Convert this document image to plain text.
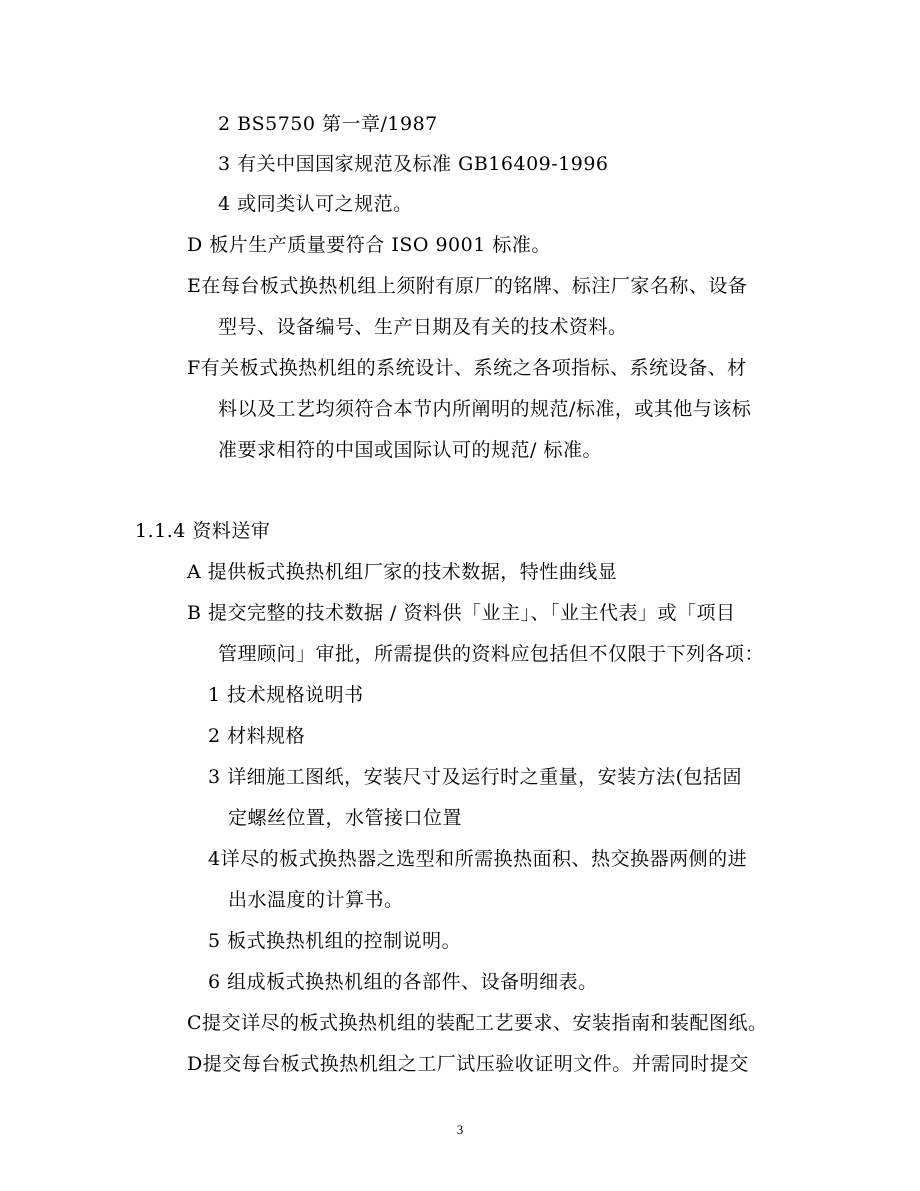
2 BS5750 第一章/1987
3 有关中国国家规范及标准 GB16409-1996
4 或同类认可之规范。
D 板片生产质量要符合 ISO 9001 标准。
E在每台板式换热机组上须附有原厂的铭牌、标注厂家名称、设备
型号、设备编号、生产日期及有关的技术资料。
F有关板式换热机组的系统设计、系统之各项指标、系统设备、材
料以及工艺均须符合本节内所阐明的规范/标准，或其他与该标
准要求相符的中国或国际认可的规范/ 标准。
1.1.4 资料送审
A 提供板式换热机组厂家的技术数据，特性曲线显
B 提交完整的技术数据 / 资料供「业主」、「业主代表」或「项目
管理顾问」审批，所需提供的资料应包括但不仅限于下列各项：
1 技术规格说明书
2 材料规格
3 详细施工图纸，安装尺寸及运行时之重量，安装方法(包括固
定螺丝位置，水管接口位置
4详尽的板式换热器之选型和所需换热面积、热交换器两侧的进
出水温度的计算书。
5 板式换热机组的控制说明。
6 组成板式换热机组的各部件、设备明细表。
C提交详尽的板式换热机组的装配工艺要求、安装指南和装配图纸。
D提交每台板式换热机组之工厂试压验收证明文件。并需同时提交
3
